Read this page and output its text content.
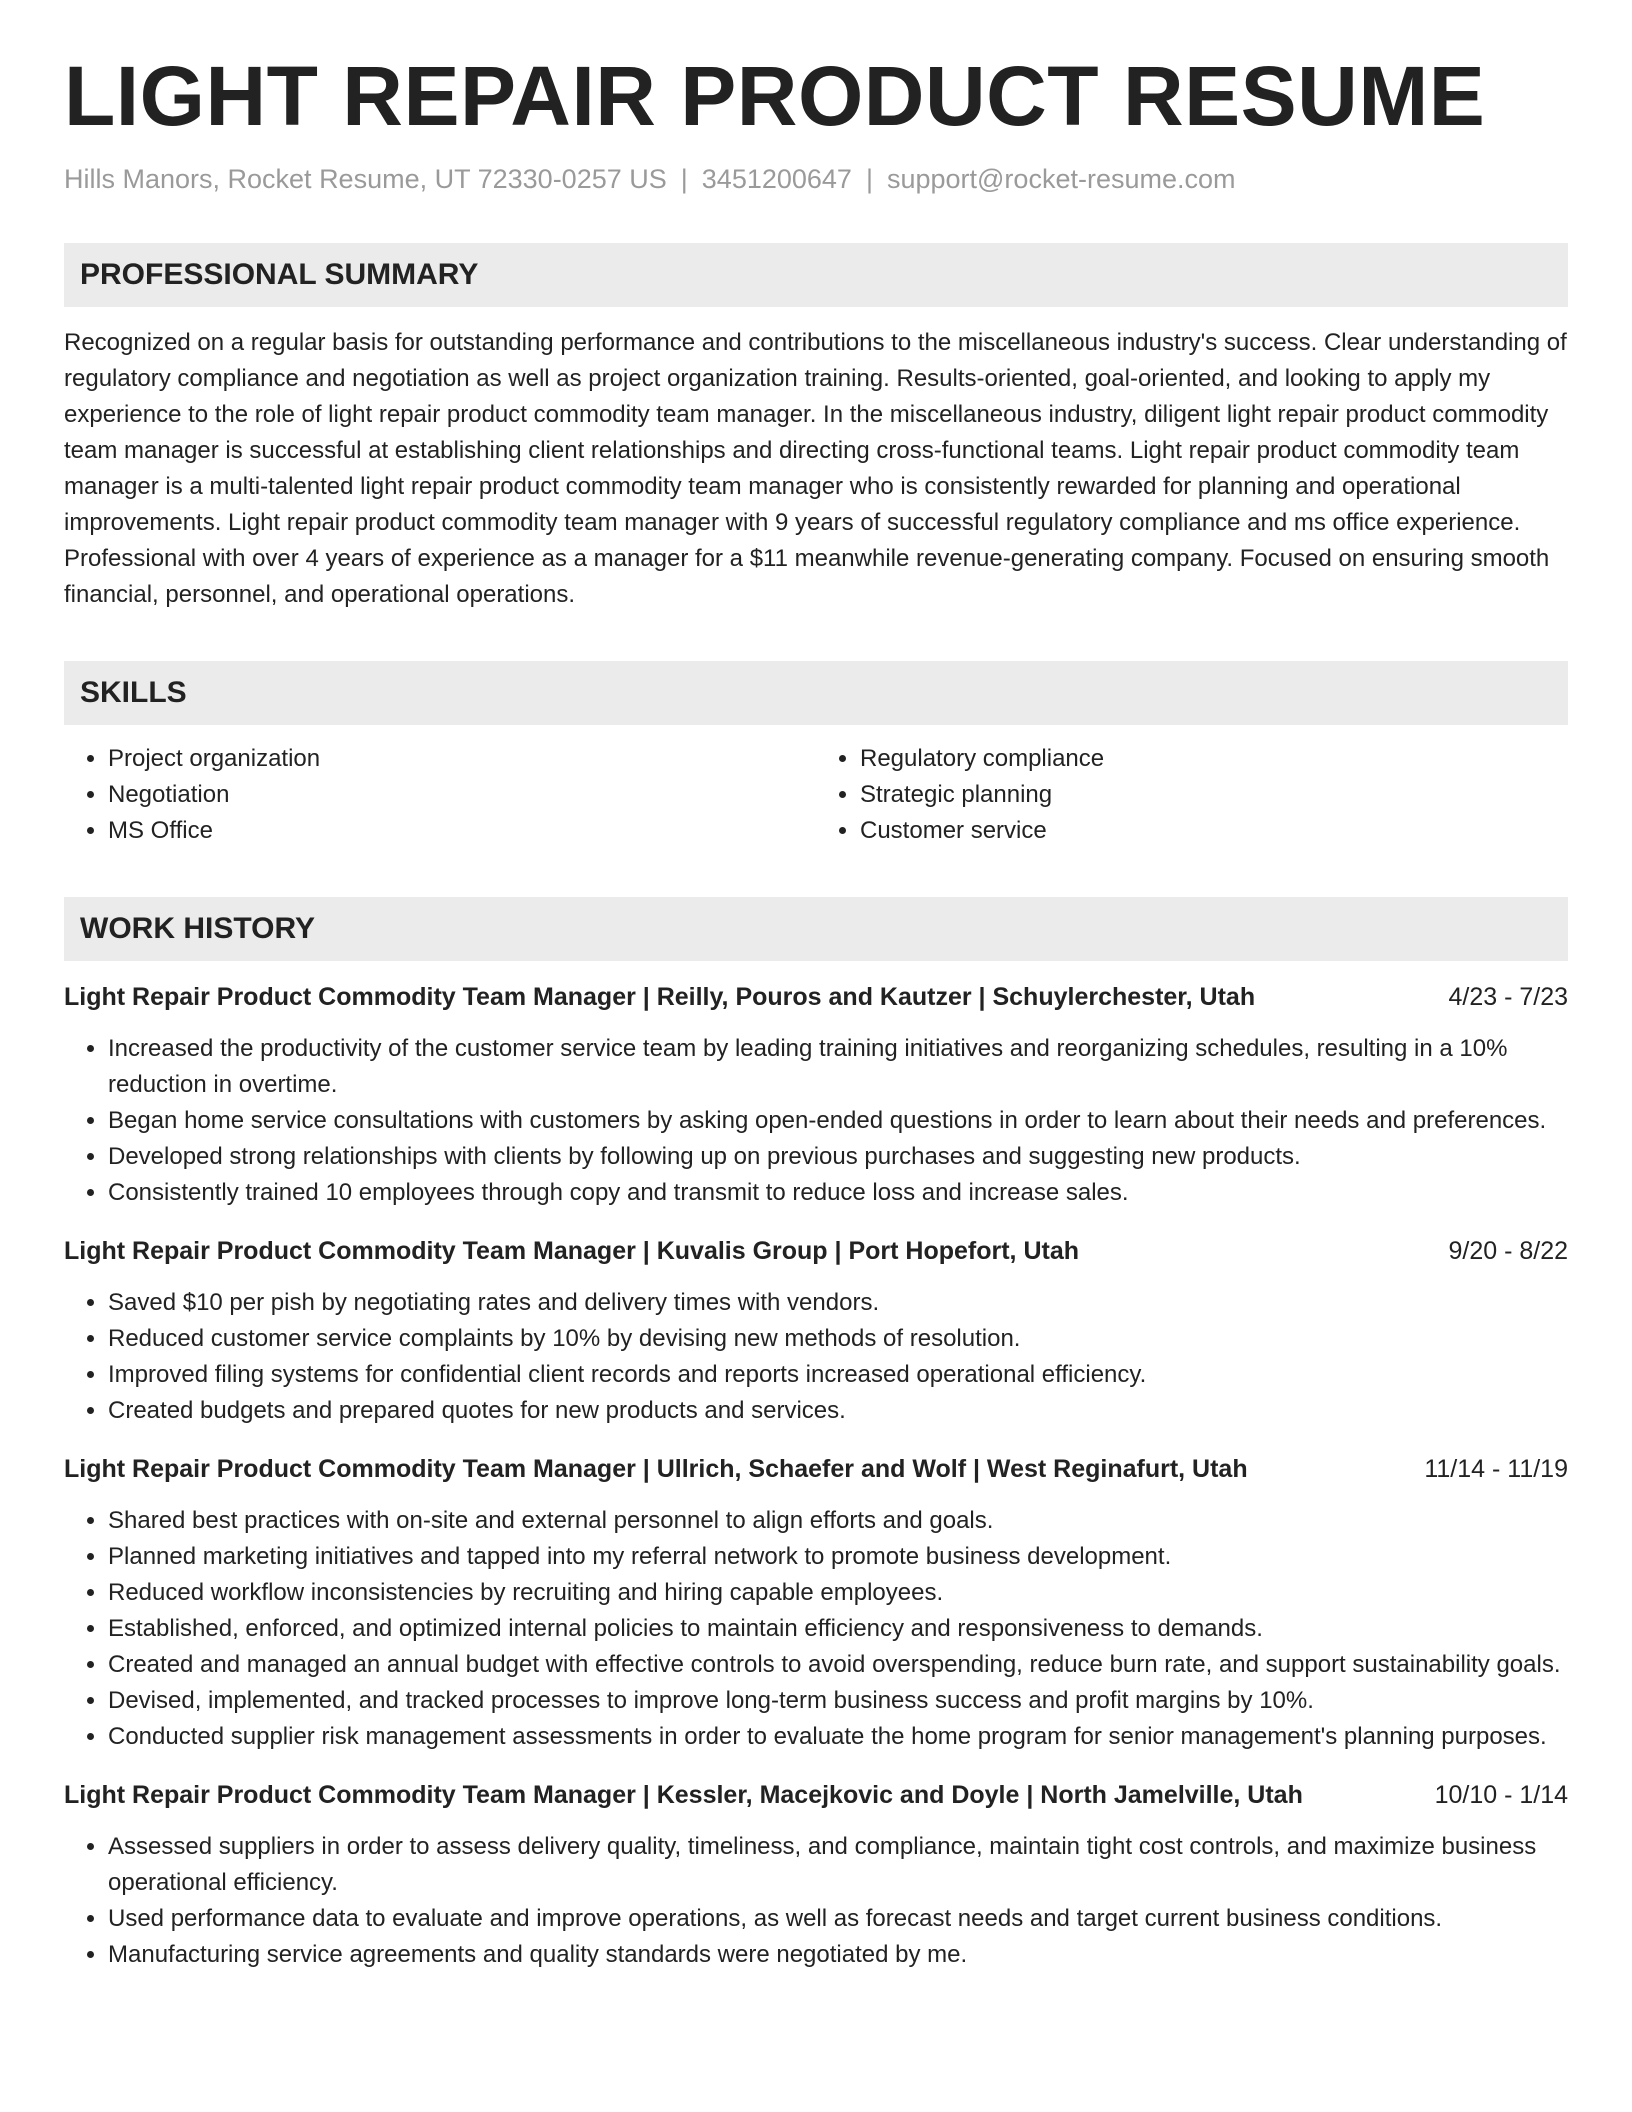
LIGHT REPAIR PRODUCT RESUME
Hills Manors, Rocket Resume, UT 72330-0257 US | 3451200647 | support@rocket-resume.com
PROFESSIONAL SUMMARY

Recognized on a regular basis for outstanding performance and contributions to the miscellaneous industry's success. Clear understanding of regulatory compliance and negotiation as well as project organization training. Results-oriented, goal-oriented, and looking to apply my experience to the role of light repair product commodity team manager. In the miscellaneous industry, diligent light repair product commodity team manager is successful at establishing client relationships and directing cross-functional teams. Light repair product commodity team manager is a multi-talented light repair product commodity team manager who is consistently rewarded for planning and operational improvements. Light repair product commodity team manager with 9 years of successful regulatory compliance and ms office experience. Professional with over 4 years of experience as a manager for a $11 meanwhile revenue-generating company. Focused on ensuring smooth financial, personnel, and operational operations.

SKILLS
• Project organization
• Negotiation
• MS Office
• Regulatory compliance
• Strategic planning
• Customer service
WORK HISTORY
Light Repair Product Commodity Team Manager | Reilly, Pouros and Kautzer | Schuylerchester, Utah	4/23 - 7/23
• Increased the productivity of the customer service team by leading training initiatives and reorganizing schedules, resulting in a 10% reduction in overtime.
• Began home service consultations with customers by asking open-ended questions in order to learn about their needs and preferences.
• Developed strong relationships with clients by following up on previous purchases and suggesting new products.
• Consistently trained 10 employees through copy and transmit to reduce loss and increase sales.
Light Repair Product Commodity Team Manager | Kuvalis Group | Port Hopefort, Utah	9/20 - 8/22
• Saved $10 per pish by negotiating rates and delivery times with vendors.
• Reduced customer service complaints by 10% by devising new methods of resolution.
• Improved filing systems for confidential client records and reports increased operational efficiency.
• Created budgets and prepared quotes for new products and services.
Light Repair Product Commodity Team Manager | Ullrich, Schaefer and Wolf | West Reginafurt, Utah	11/14 - 11/19
• Shared best practices with on-site and external personnel to align efforts and goals.
• Planned marketing initiatives and tapped into my referral network to promote business development.
• Reduced workflow inconsistencies by recruiting and hiring capable employees.
• Established, enforced, and optimized internal policies to maintain efficiency and responsiveness to demands.
• Created and managed an annual budget with effective controls to avoid overspending, reduce burn rate, and support sustainability goals.
• Devised, implemented, and tracked processes to improve long-term business success and profit margins by 10%.
• Conducted supplier risk management assessments in order to evaluate the home program for senior management's planning purposes.
Light Repair Product Commodity Team Manager | Kessler, Macejkovic and Doyle | North Jamelville, Utah	10/10 - 1/14
• Assessed suppliers in order to assess delivery quality, timeliness, and compliance, maintain tight cost controls, and maximize business operational efficiency.
• Used performance data to evaluate and improve operations, as well as forecast needs and target current business conditions.
• Manufacturing service agreements and quality standards were negotiated by me.
